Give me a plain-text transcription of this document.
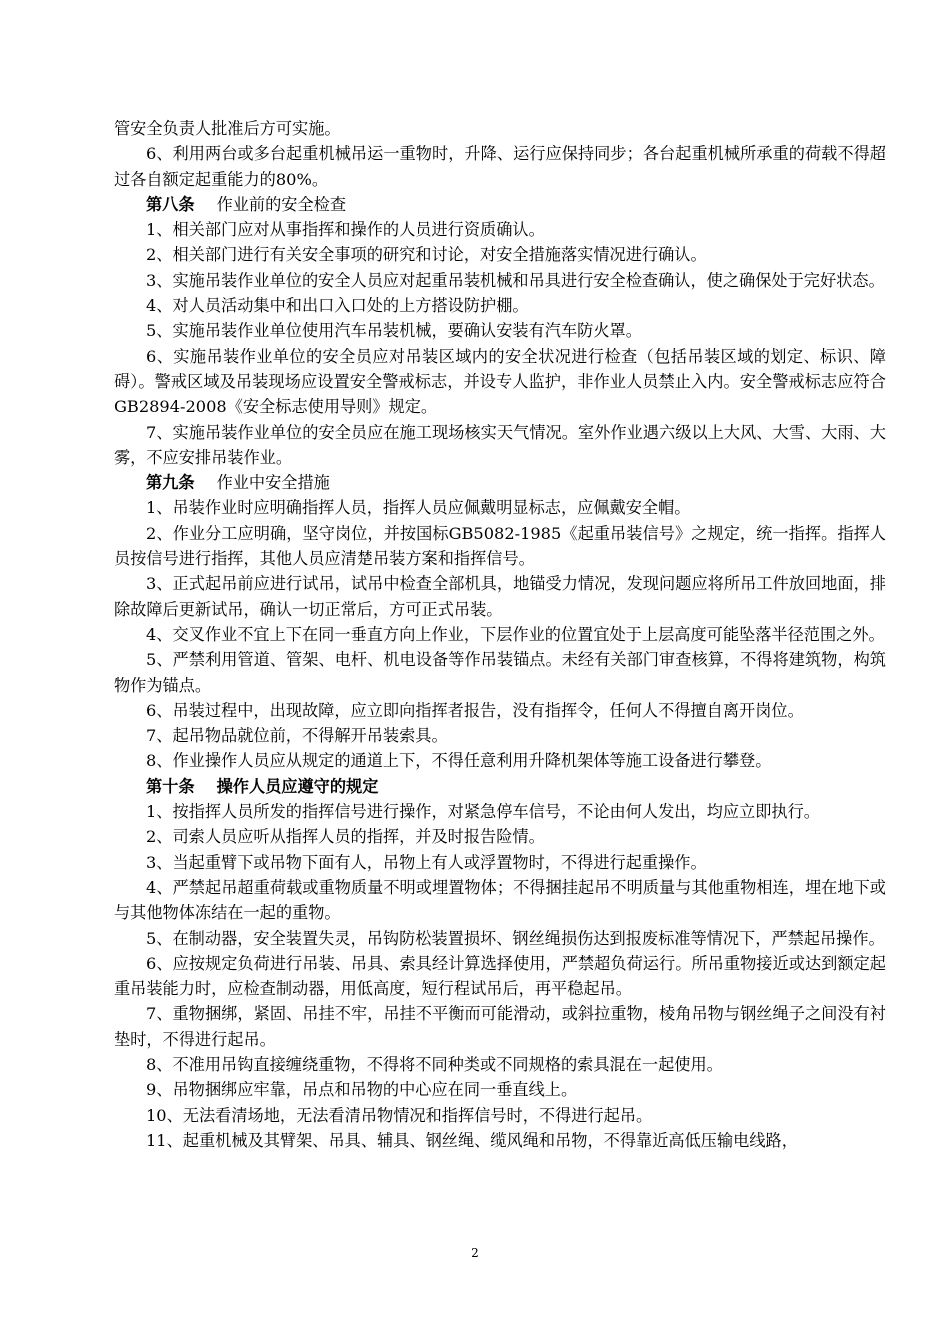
管安全负责人批准后方可实施。

6、利用两台或多台起重机械吊运一重物时，升降、运行应保持同步；各台起重机械所承重的荷载不得超过各自额定起重能力的80%。

第八条 作业前的安全检查

1、相关部门应对从事指挥和操作的人员进行资质确认。

2、相关部门进行有关安全事项的研究和讨论，对安全措施落实情况进行确认。

3、实施吊装作业单位的安全人员应对起重吊装机械和吊具进行安全检查确认，使之确保处于完好状态。

4、对人员活动集中和出口入口处的上方搭设防护棚。

5、实施吊装作业单位使用汽车吊装机械，要确认安装有汽车防火罩。

6、实施吊装作业单位的安全员应对吊装区域内的安全状况进行检查（包括吊装区域的划定、标识、障碍）。警戒区域及吊装现场应设置安全警戒标志，并设专人监护，非作业人员禁止入内。安全警戒标志应符合GB2894-2008《安全标志使用导则》规定。

7、实施吊装作业单位的安全员应在施工现场核实天气情况。室外作业遇六级以上大风、大雪、大雨、大雾，不应安排吊装作业。

第九条 作业中安全措施

1、吊装作业时应明确指挥人员，指挥人员应佩戴明显标志，应佩戴安全帽。

2、作业分工应明确，坚守岗位，并按国标GB5082-1985《起重吊装信号》之规定，统一指挥。指挥人员按信号进行指挥，其他人员应清楚吊装方案和指挥信号。

3、正式起吊前应进行试吊，试吊中检查全部机具，地锚受力情况，发现问题应将所吊工件放回地面，排除故障后更新试吊，确认一切正常后，方可正式吊装。

4、交叉作业不宜上下在同一垂直方向上作业，下层作业的位置宜处于上层高度可能坠落半径范围之外。

5、严禁利用管道、管架、电杆、机电设备等作吊装锚点。未经有关部门审查核算，不得将建筑物，构筑物作为锚点。

6、吊装过程中，出现故障，应立即向指挥者报告，没有指挥令，任何人不得擅自离开岗位。

7、起吊物品就位前，不得解开吊装索具。

8、作业操作人员应从规定的通道上下，不得任意利用升降机架体等施工设备进行攀登。

第十条 操作人员应遵守的规定

1、按指挥人员所发的指挥信号进行操作，对紧急停车信号，不论由何人发出，均应立即执行。

2、司索人员应听从指挥人员的指挥，并及时报告险情。

3、当起重臂下或吊物下面有人，吊物上有人或浮置物时，不得进行起重操作。

4、严禁起吊超重荷载或重物质量不明或埋置物体；不得捆挂起吊不明质量与其他重物相连，埋在地下或与其他物体冻结在一起的重物。

5、在制动器，安全装置失灵，吊钩防松装置损坏、钢丝绳损伤达到报废标准等情况下，严禁起吊操作。

6、应按规定负荷进行吊装、吊具、索具经计算选择使用，严禁超负荷运行。所吊重物接近或达到额定起重吊装能力时，应检查制动器，用低高度，短行程试吊后，再平稳起吊。

7、重物捆绑，紧固、吊挂不牢，吊挂不平衡而可能滑动，或斜拉重物，棱角吊物与钢丝绳子之间没有衬垫时，不得进行起吊。

8、不准用吊钩直接缠绕重物，不得将不同种类或不同规格的索具混在一起使用。

9、吊物捆绑应牢靠，吊点和吊物的中心应在同一垂直线上。

10、无法看清场地，无法看清吊物情况和指挥信号时，不得进行起吊。

11、起重机械及其臂架、吊具、辅具、钢丝绳、缆风绳和吊物，不得靠近高低压输电线路，

2
